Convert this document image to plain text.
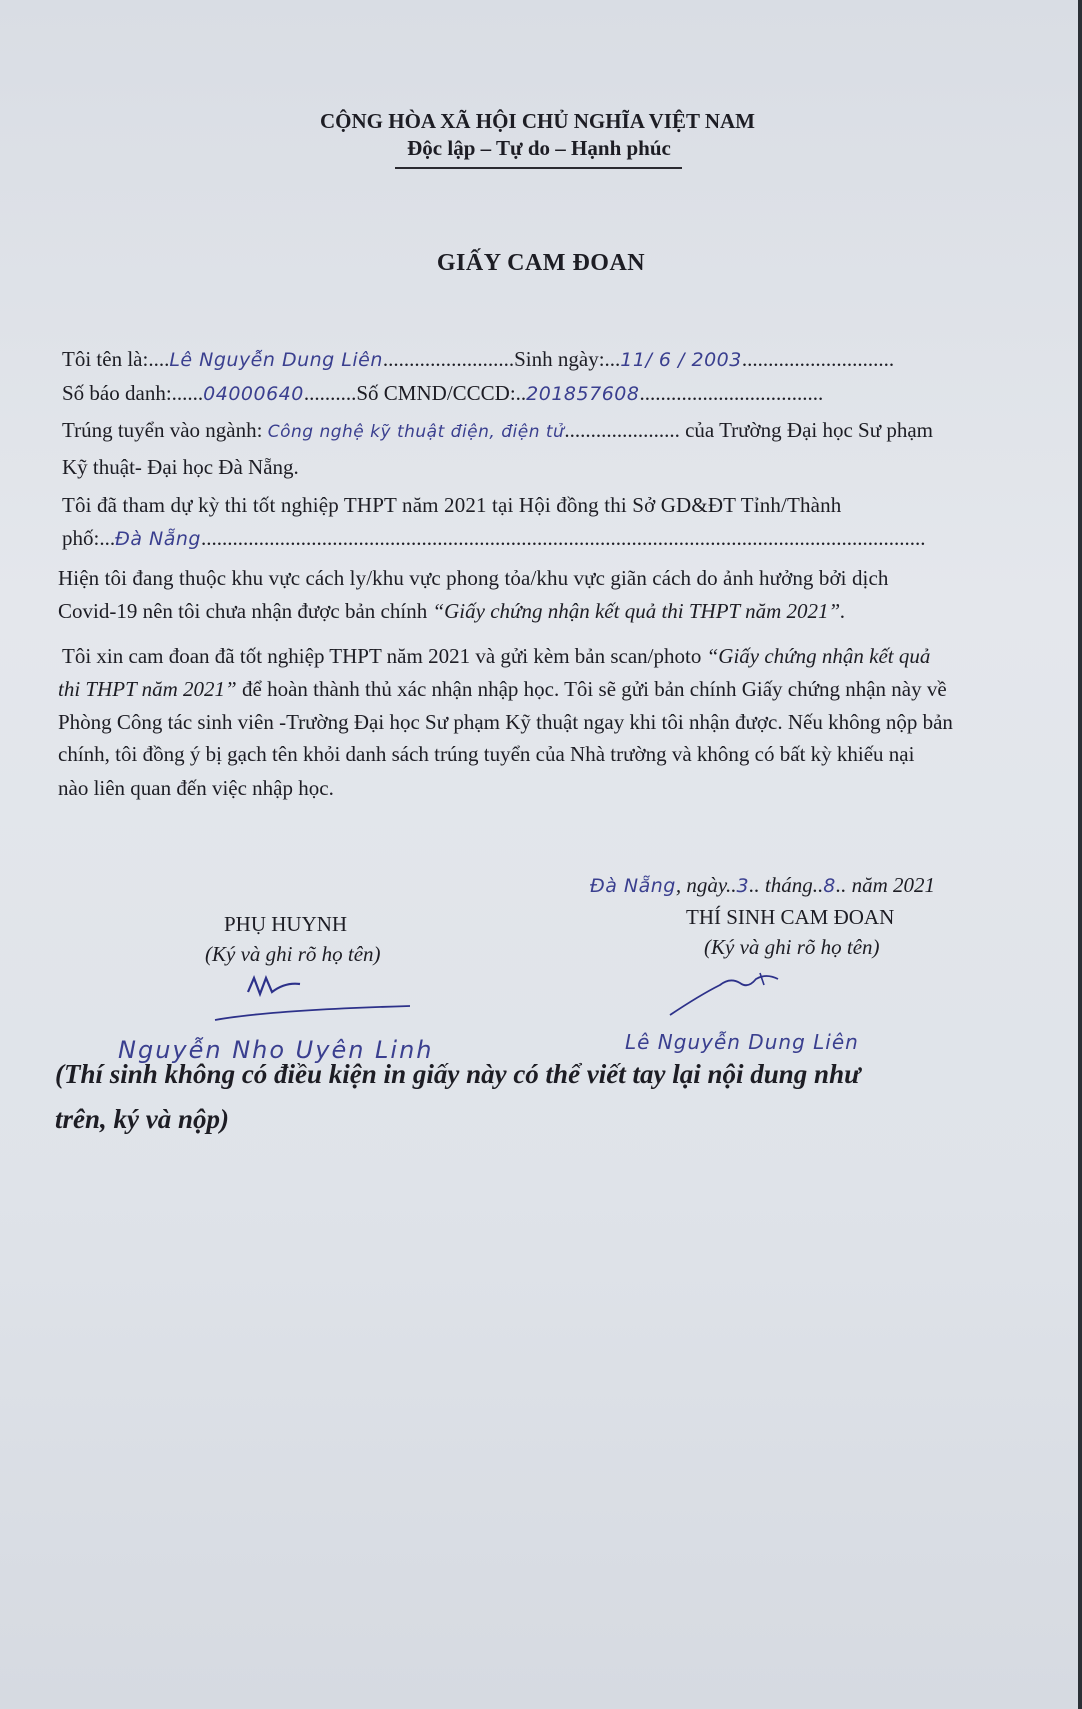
CỘNG HÒA XÃ HỘI CHỦ NGHĨA VIỆT NAM
Độc lập – Tự do – Hạnh phúc
GIẤY CAM ĐOAN
Tôi tên là:....Lê Nguyễn Dung Liên.........................Sinh ngày:...11/ 6 / 2003.............................
Số báo danh:......04000640..........Số CMND/CCCD:..201857608...................................
Trúng tuyển vào ngành: Công nghệ kỹ thuật điện, điện tử...................... của Trường Đại học Sư phạm
Kỹ thuật- Đại học Đà Nẵng.
Tôi đã tham dự kỳ thi tốt nghiệp THPT năm 2021 tại Hội đồng thi Sở GD&ĐT Tỉnh/Thành
phố:...Đà Nẵng..........................................................................................................................................
Hiện tôi đang thuộc khu vực cách ly/khu vực phong tỏa/khu vực giãn cách do ảnh hưởng bởi dịch
Covid-19 nên tôi chưa nhận được bản chính “Giấy chứng nhận kết quả thi THPT năm 2021”.
Tôi xin cam đoan đã tốt nghiệp THPT năm 2021 và gửi kèm bản scan/photo “Giấy chứng nhận kết quả
thi THPT năm 2021” để hoàn thành thủ xác nhận nhập học. Tôi sẽ gửi bản chính Giấy chứng nhận này về
Phòng Công tác sinh viên -Trường Đại học Sư phạm Kỹ thuật ngay khi tôi nhận được. Nếu không nộp bản
chính, tôi đồng ý bị gạch tên khỏi danh sách trúng tuyển của Nhà trường và không có bất kỳ khiếu nại
nào liên quan đến việc nhập học.
Đà Nẵng, ngày..3.. tháng..8.. năm 2021
PHỤ HUYNH
(Ký và ghi rõ họ tên)
THÍ SINH CAM ĐOAN
(Ký và ghi rõ họ tên)
Nguyễn Nho Uyên Linh	Lê Nguyễn Dung Liên
(Thí sinh không có điều kiện in giấy này có thể viết tay lại nội dung như
trên, ký và nộp)
